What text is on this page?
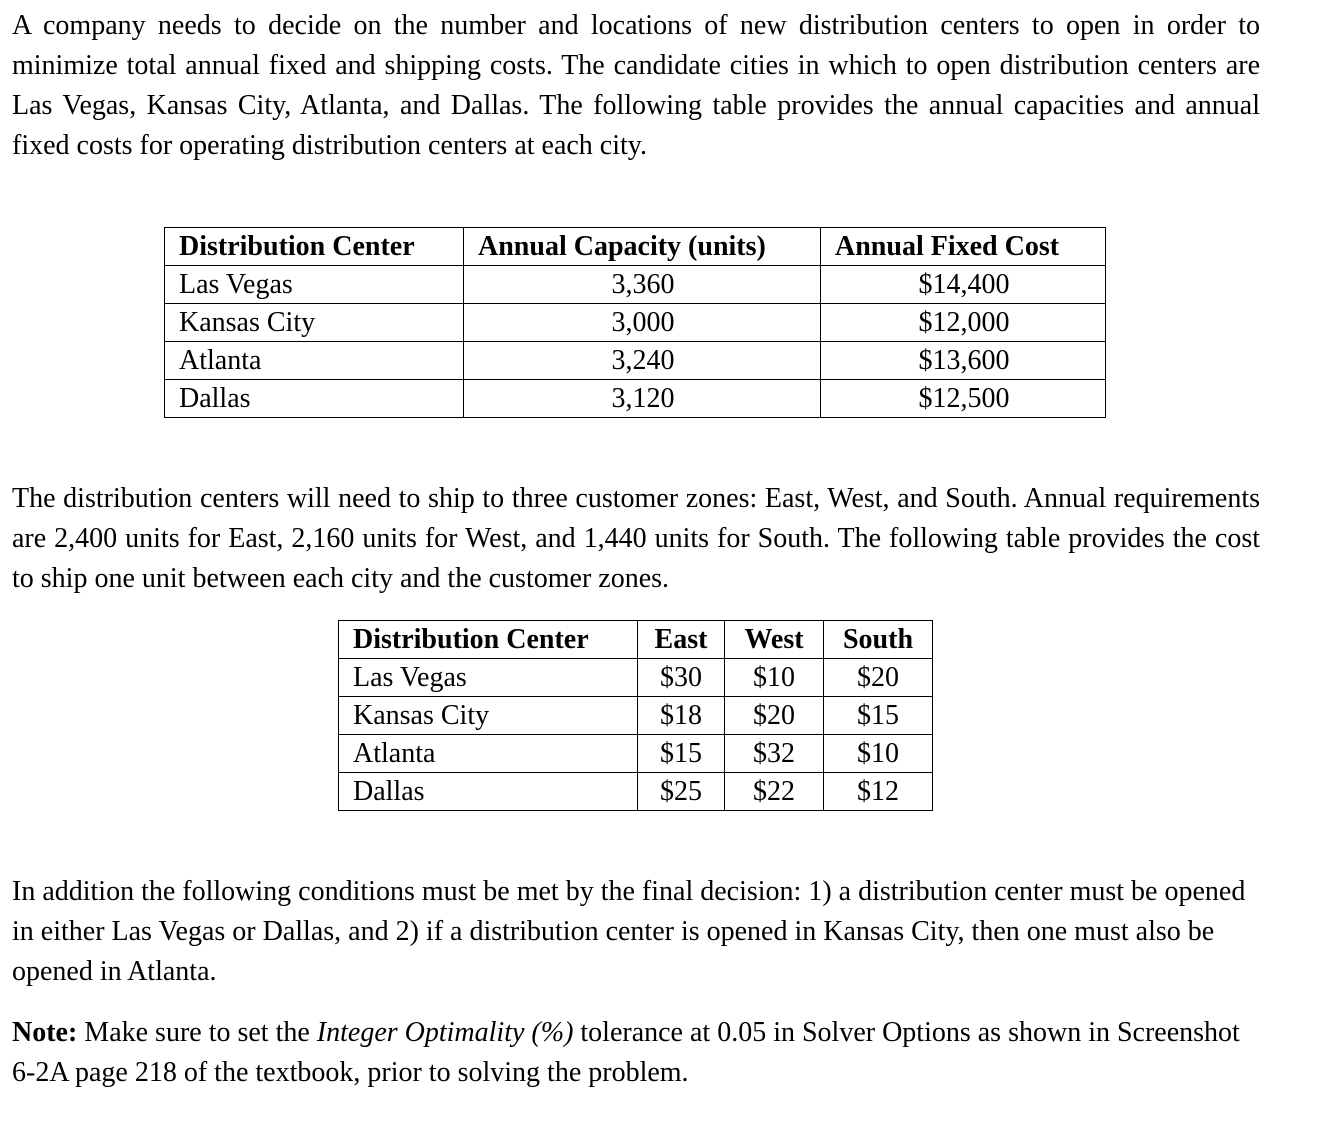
A company needs to decide on the number and locations of new distribution centers to open in order to minimize total annual fixed and shipping costs. The candidate cities in which to open distribution centers are Las Vegas, Kansas City, Atlanta, and Dallas. The following table provides the annual capacities and annual fixed costs for operating distribution centers at each city.

Distribution Center	Annual Capacity (units)	Annual Fixed Cost
Las Vegas	3,360	$14,400
Kansas City	3,000	$12,000
Atlanta	3,240	$13,600
Dallas	3,120	$12,500

The distribution centers will need to ship to three customer zones: East, West, and South. Annual requirements are 2,400 units for East, 2,160 units for West, and 1,440 units for South. The following table provides the cost to ship one unit between each city and the customer zones.

Distribution Center	East	West	South
Las Vegas	$30	$10	$20
Kansas City	$18	$20	$15
Atlanta	$15	$32	$10
Dallas	$25	$22	$12

In addition the following conditions must be met by the final decision: 1) a distribution center must be opened in either Las Vegas or Dallas, and 2) if a distribution center is opened in Kansas City, then one must also be opened in Atlanta.

Note: Make sure to set the Integer Optimality (%) tolerance at 0.05 in Solver Options as shown in Screenshot 6-2A page 218 of the textbook, prior to solving the problem.
